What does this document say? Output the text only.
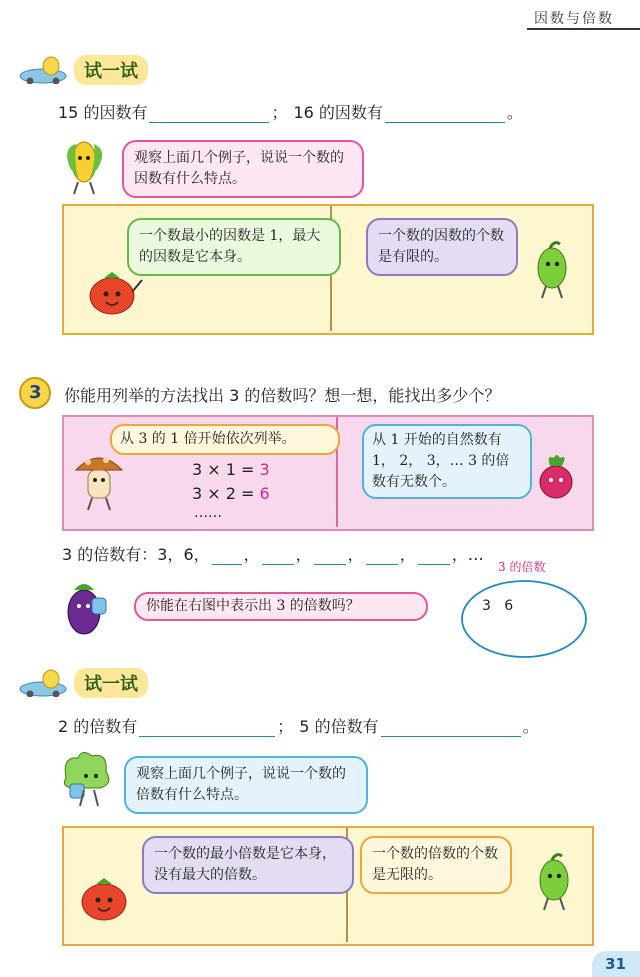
因数与倍数
试一试
15 的因数有	； 16 的因数有	。
观察上面几个例子，说说一个数的因数有什么特点。
一个数最小的因数是 1，最大的因数是它本身。
一个数的因数的个数是有限的。
3 你能用列举的方法找出 3 的倍数吗？想一想，能找出多少个？
从 3 的 1 倍开始依次列举。
3 × 1 = 3
3 × 2 = 6
……
从 1 开始的自然数有 1， 2， 3，… 3 的倍数有无数个。
3 的倍数有：3，6， ， ， ， ， ，…
你能在右图中表示出 3 的倍数吗？
3 的倍数
3   6
试一试
2 的倍数有	； 5 的倍数有	。
观察上面几个例子，说说一个数的倍数有什么特点。
一个数的最小倍数是它本身，没有最大的倍数。
一个数的倍数的个数是无限的。
31
